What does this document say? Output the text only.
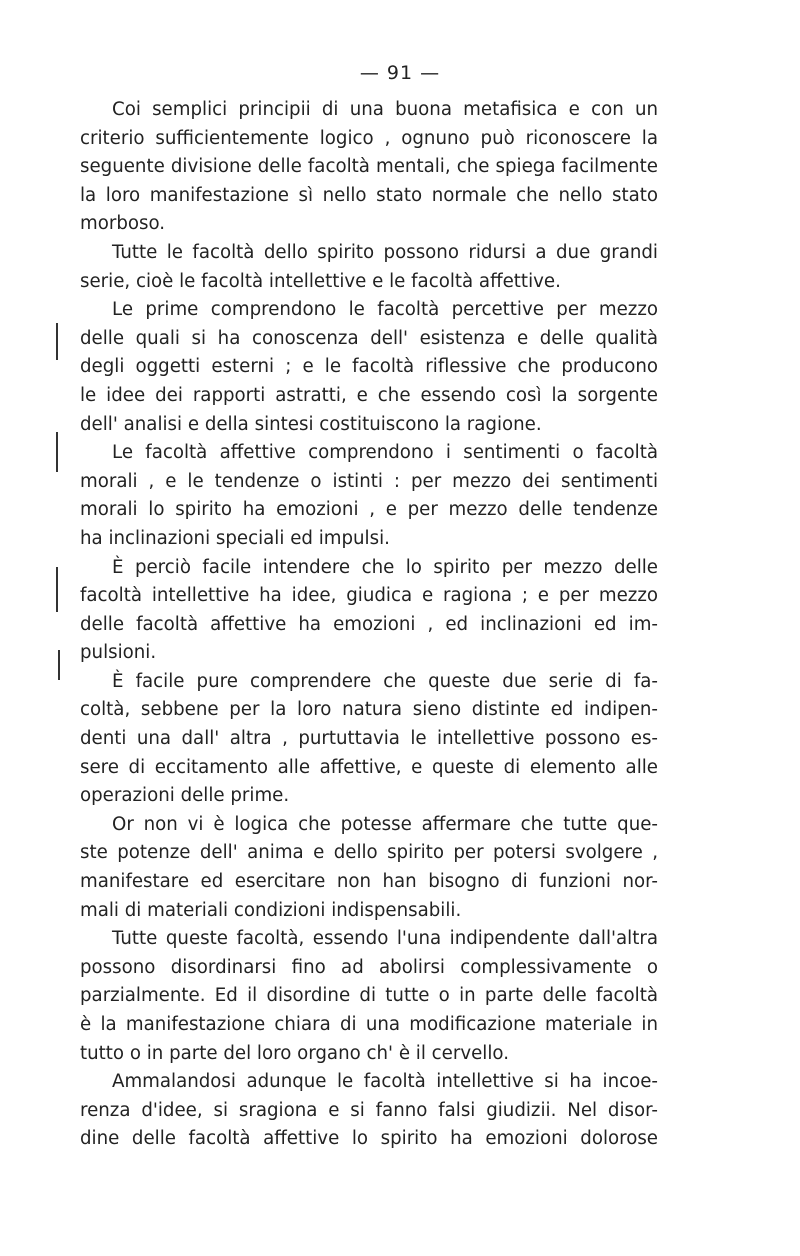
— 91 —
Coi semplici principii di una buona metafisica e con un
criterio sufficientemente logico , ognuno può riconoscere la
seguente divisione delle facoltà mentali, che spiega facilmente
la loro manifestazione sì nello stato normale che nello stato
morboso.
Tutte le facoltà dello spirito possono ridursi a due grandi
serie, cioè le facoltà intellettive e le facoltà affettive.
Le prime comprendono le facoltà percettive per mezzo
delle quali si ha conoscenza dell' esistenza e delle qualità
degli oggetti esterni ; e le facoltà riflessive che producono
le idee dei rapporti astratti, e che essendo così la sorgente
dell' analisi e della sintesi costituiscono la ragione.
Le facoltà affettive comprendono i sentimenti o facoltà
morali , e le tendenze o istinti : per mezzo dei sentimenti
morali lo spirito ha emozioni , e per mezzo delle tendenze
ha inclinazioni speciali ed impulsi.
È perciò facile intendere che lo spirito per mezzo delle
facoltà intellettive ha idee, giudica e ragiona ; e per mezzo
delle facoltà affettive ha emozioni , ed inclinazioni ed im-
pulsioni.
È facile pure comprendere che queste due serie di fa-
coltà, sebbene per la loro natura sieno distinte ed indipen-
denti una dall' altra , purtuttavia le intellettive possono es-
sere di eccitamento alle affettive, e queste di elemento alle
operazioni delle prime.
Or non vi è logica che potesse affermare che tutte que-
ste potenze dell' anima e dello spirito per potersi svolgere ,
manifestare ed esercitare non han bisogno di funzioni nor-
mali di materiali condizioni indispensabili.
Tutte queste facoltà, essendo l'una indipendente dall'altra
possono disordinarsi fino ad abolirsi complessivamente o
parzialmente. Ed il disordine di tutte o in parte delle facoltà
è la manifestazione chiara di una modificazione materiale in
tutto o in parte del loro organo ch' è il cervello.
Ammalandosi adunque le facoltà intellettive si ha incoe-
renza d'idee, si sragiona e si fanno falsi giudizii. Nel disor-
dine delle facoltà affettive lo spirito ha emozioni dolorose
